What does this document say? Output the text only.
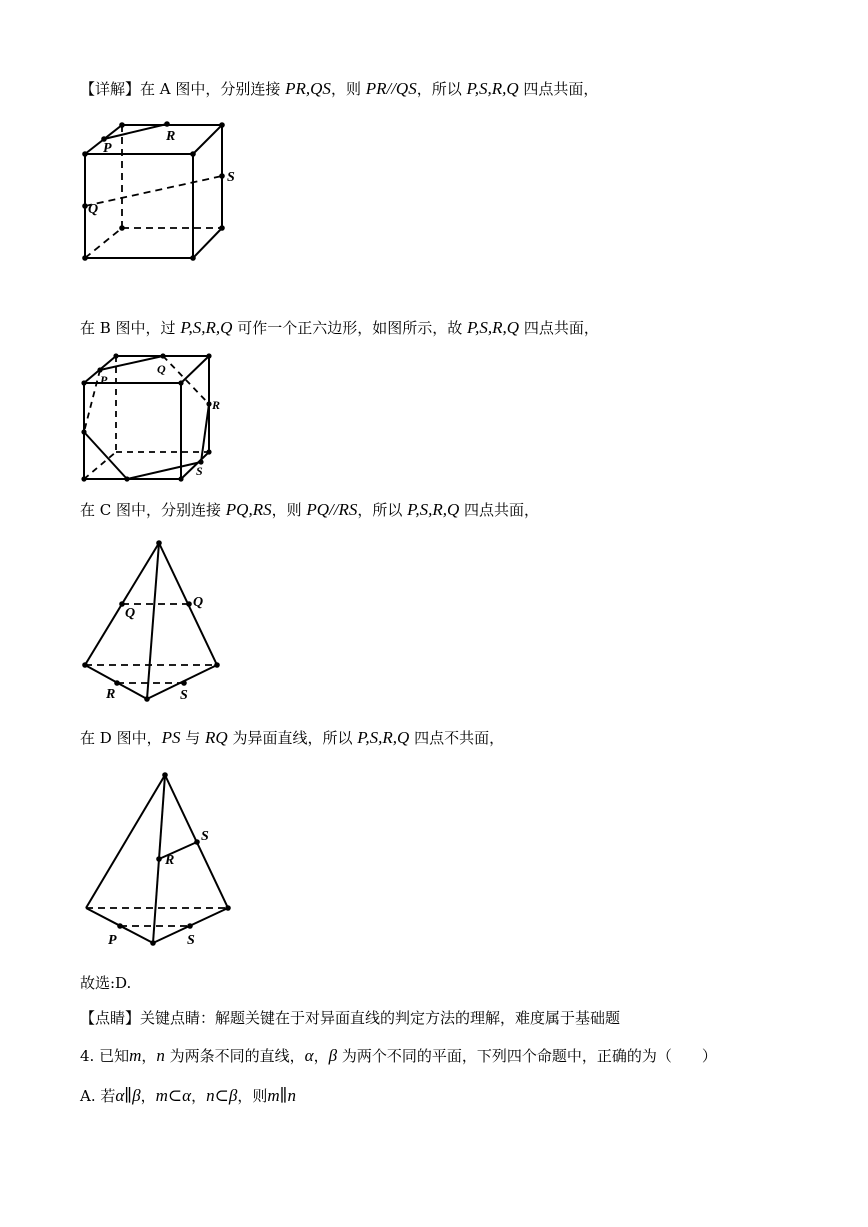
【详解】在 A 图中，分别连接 PR,QS，则 PR//QS，所以 P,S,R,Q 四点共面，
P
R
S
Q
在 B 图中，过 P,S,R,Q 可作一个正六边形，如图所示，故 P,S,R,Q 四点共面，
P
Q
R
S
在 C 图中，分别连接 PQ,RS，则 PQ//RS，所以 P,S,R,Q 四点共面，
Q
Q
R	S
在 D 图中，PS 与 RQ 为异面直线，所以 P,S,R,Q 四点不共面，
S
R
P	S
故选:D.
【点睛】关键点睛：解题关键在于对异面直线的判定方法的理解，难度属于基础题
4. 已知m，n 为两条不同的直线，α，β 为两个不同的平面，下列四个命题中，正确的为（　　）
A. 若α∥β，m⊂α，n⊂β，则m∥n
